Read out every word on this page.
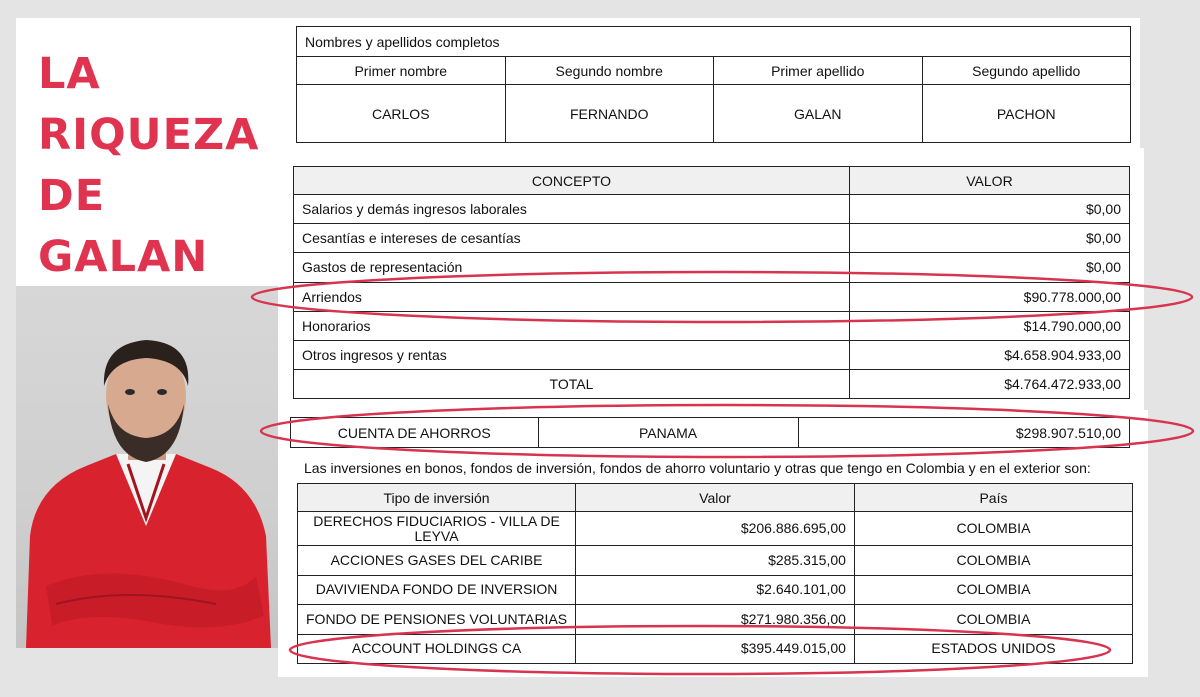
LA
RIQUEZA
DE
GALAN
Nombres y apellidos completos			
Primer nombre	Segundo nombre	Primer apellido	Segundo apellido
CARLOS	FERNANDO	GALAN	PACHON
CONCEPTO	VALOR
Salarios y demás ingresos laborales	$0,00
Cesantías e intereses de cesantías	$0,00
Gastos de representación	$0,00
Arriendos	$90.778.000,00
Honorarios	$14.790.000,00
Otros ingresos y rentas	$4.658.904.933,00
TOTAL	$4.764.472.933,00
CUENTA DE AHORROS	PANAMA	$298.907.510,00
Las inversiones en bonos, fondos de inversión, fondos de ahorro voluntario y otras que tengo en Colombia y en el exterior son:
Tipo de inversión	Valor	País
DERECHOS FIDUCIARIOS - VILLA DE LEYVA	$206.886.695,00	COLOMBIA
ACCIONES GASES DEL CARIBE	$285.315,00	COLOMBIA
DAVIVIENDA FONDO DE INVERSION	$2.640.101,00	COLOMBIA
FONDO DE PENSIONES VOLUNTARIAS	$271.980.356,00	COLOMBIA
ACCOUNT HOLDINGS CA	$395.449.015,00	ESTADOS UNIDOS
